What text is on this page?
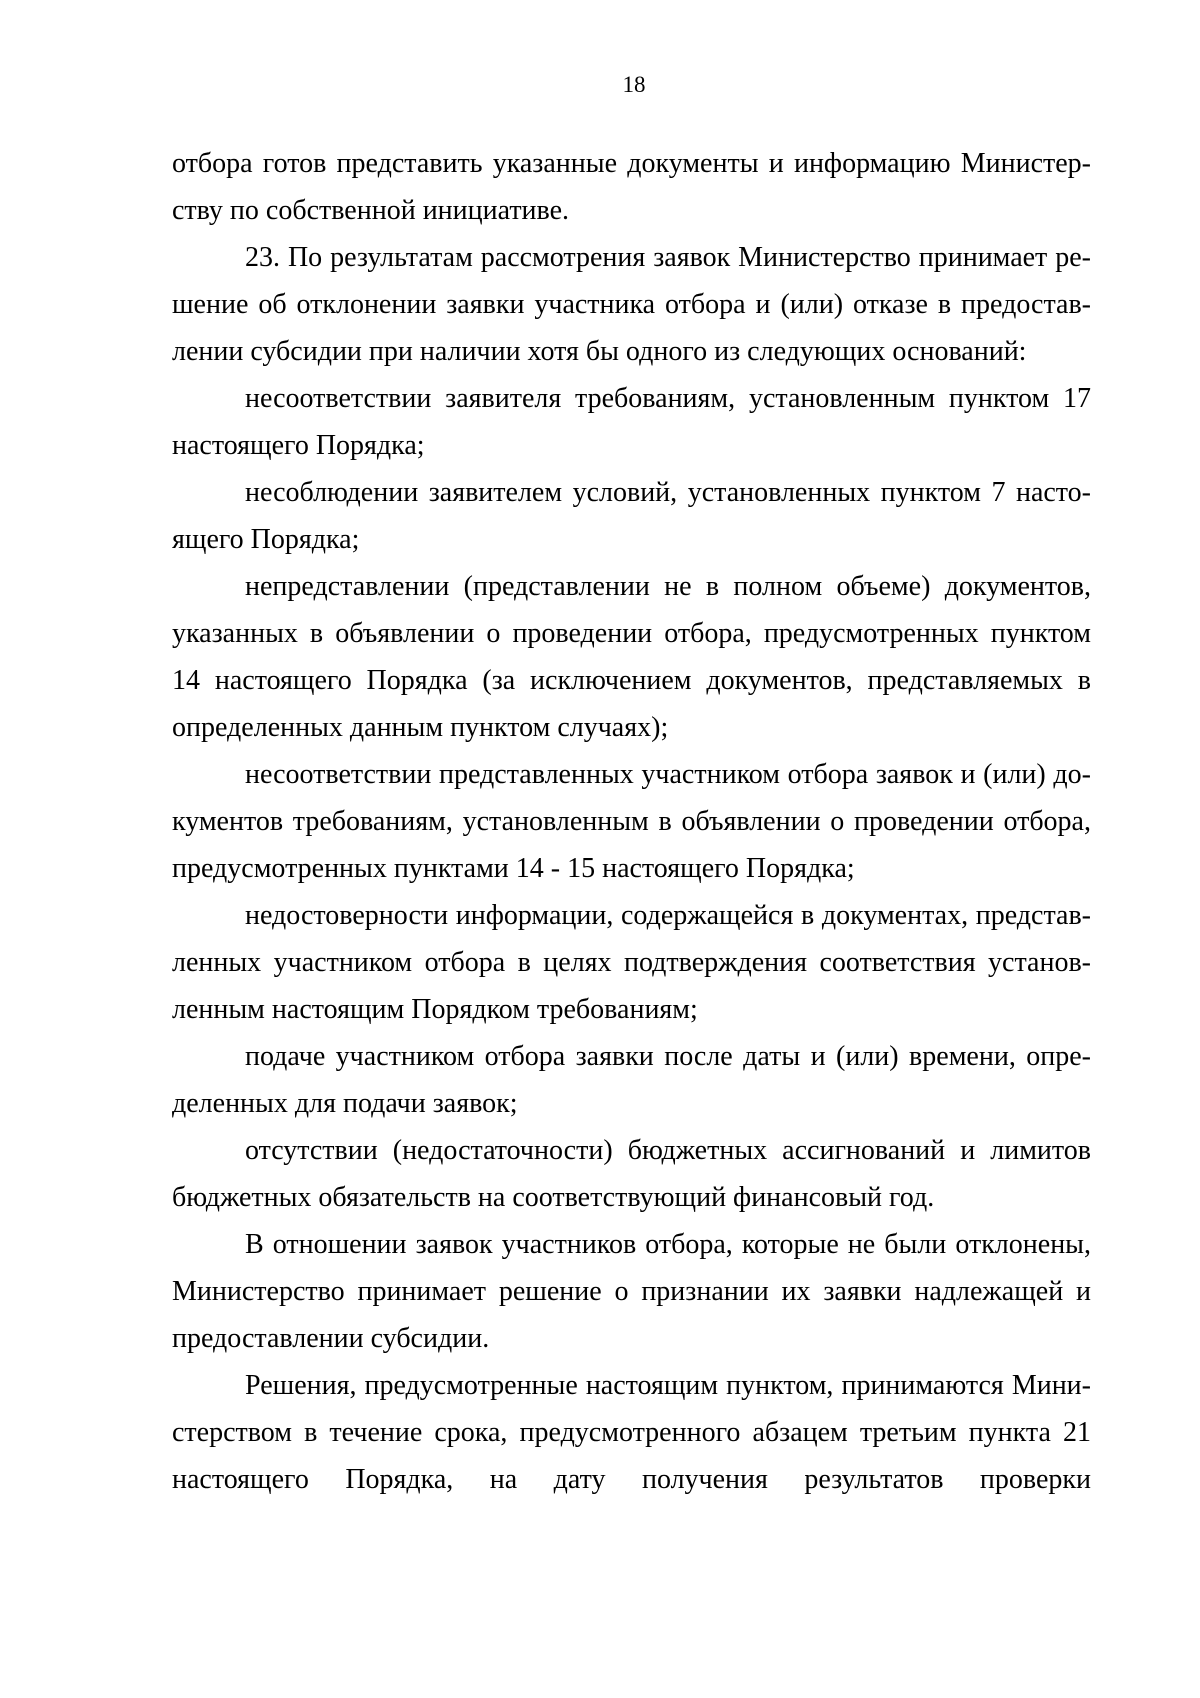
18
отбора готов представить указанные документы и информацию Министер-
ству по собственной инициативе.
23. По результатам рассмотрения заявок Министерство принимает ре-
шение об отклонении заявки участника отбора и (или) отказе в предостав-
лении субсидии при наличии хотя бы одного из следующих оснований:
несоответствии заявителя требованиям, установленным пунктом 17
настоящего Порядка;
несоблюдении заявителем условий, установленных пунктом 7 насто-
ящего Порядка;
непредставлении (представлении не в полном объеме) документов,
указанных в объявлении о проведении отбора, предусмотренных пунктом
14 настоящего Порядка (за исключением документов, представляемых в
определенных данным пунктом случаях);
несоответствии представленных участником отбора заявок и (или) до-
кументов требованиям, установленным в объявлении о проведении отбора,
предусмотренных пунктами 14 - 15 настоящего Порядка;
недостоверности информации, содержащейся в документах, представ-
ленных участником отбора в целях подтверждения соответствия установ-
ленным настоящим Порядком требованиям;
подаче участником отбора заявки после даты и (или) времени, опре-
деленных для подачи заявок;
отсутствии (недостаточности) бюджетных ассигнований и лимитов
бюджетных обязательств на соответствующий финансовый год.
В отношении заявок участников отбора, которые не были отклонены,
Министерство принимает решение о признании их заявки надлежащей и
предоставлении субсидии.
Решения, предусмотренные настоящим пунктом, принимаются Мини-
стерством в течение срока, предусмотренного абзацем третьим пункта 21
настоящего Порядка, на дату получения результатов проверки
